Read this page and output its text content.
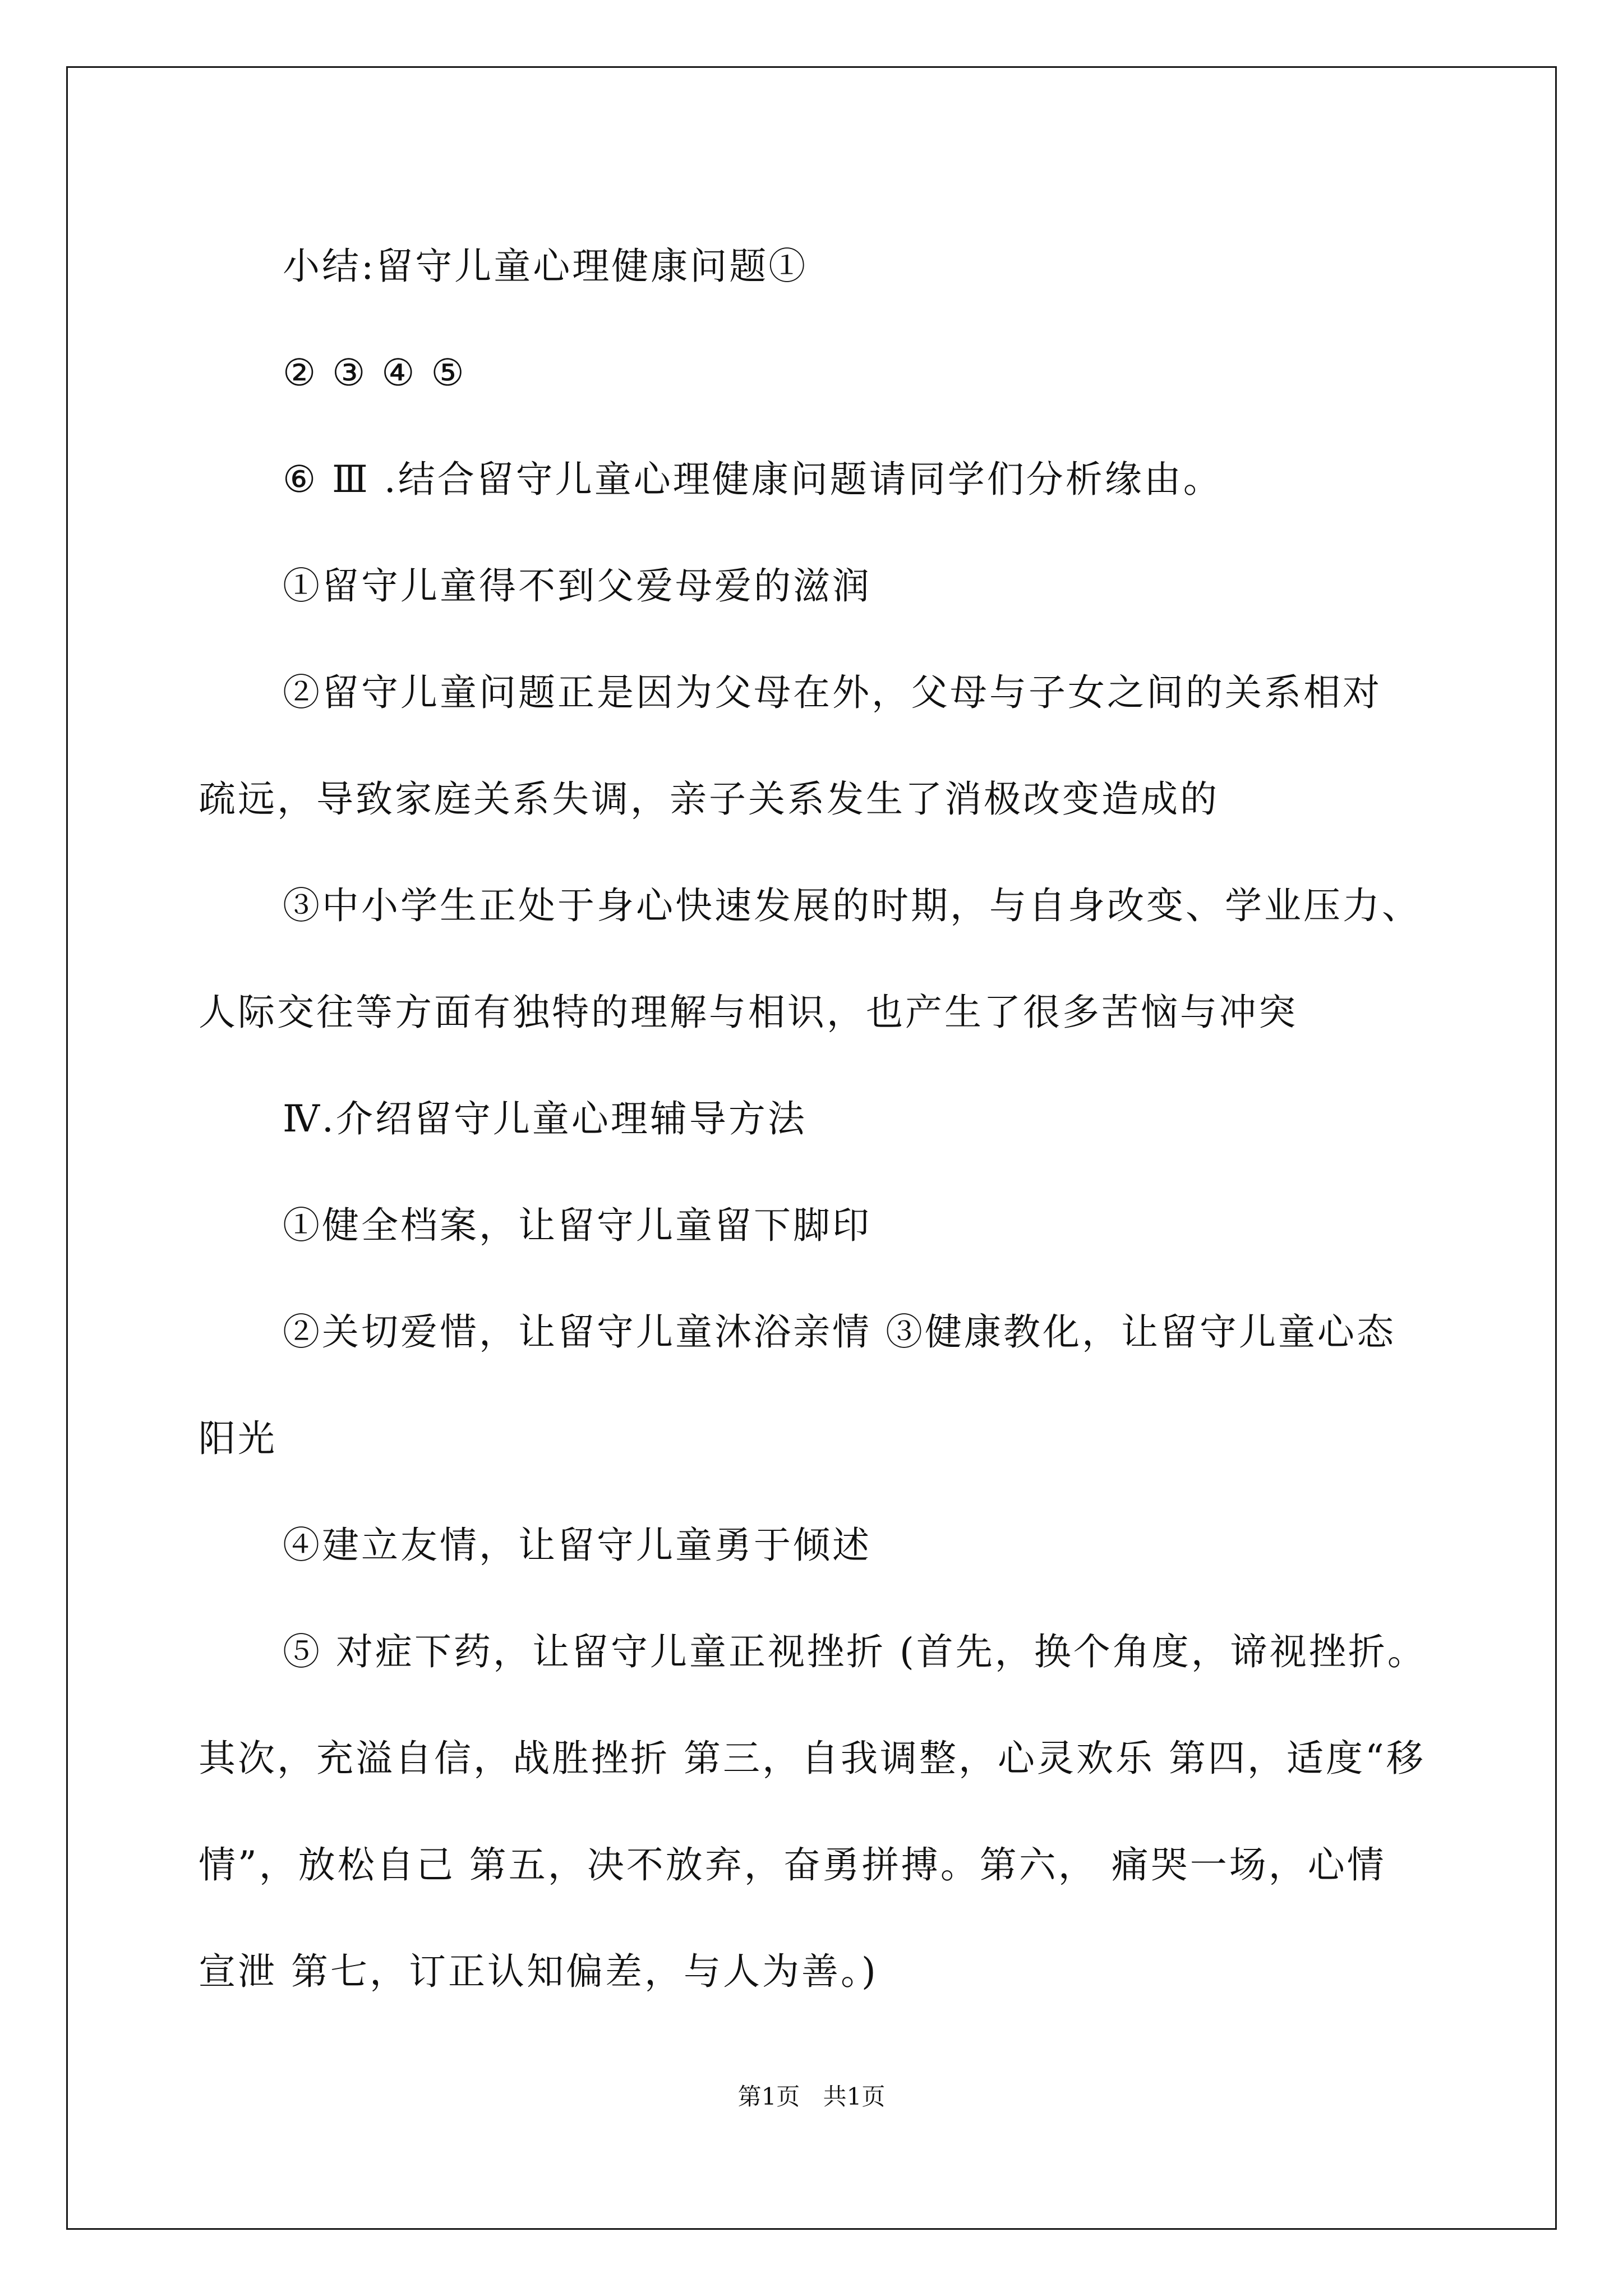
小结:留守儿童心理健康问题①
② ③ ④ ⑤
⑥ Ⅲ .结合留守儿童心理健康问题请同学们分析缘由。
①留守儿童得不到父爱母爱的滋润
②留守儿童问题正是因为父母在外，父母与子女之间的关系相对
疏远，导致家庭关系失调，亲子关系发生了消极改变造成的
③中小学生正处于身心快速发展的时期，与自身改变、学业压力、
人际交往等方面有独特的理解与相识，也产生了很多苦恼与冲突
Ⅳ.介绍留守儿童心理辅导方法
①健全档案，让留守儿童留下脚印
②关切爱惜，让留守儿童沐浴亲情 ③健康教化，让留守儿童心态
阳光
④建立友情，让留守儿童勇于倾述
⑤ 对症下药，让留守儿童正视挫折 (首先，换个角度，谛视挫折。
其次，充溢自信，战胜挫折 第三，自我调整，心灵欢乐 第四，适度“移
情”，放松自己 第五，决不放弃，奋勇拼搏。第六， 痛哭一场，心情
宣泄 第七，订正认知偏差，与人为善。)
第1页 共1页
